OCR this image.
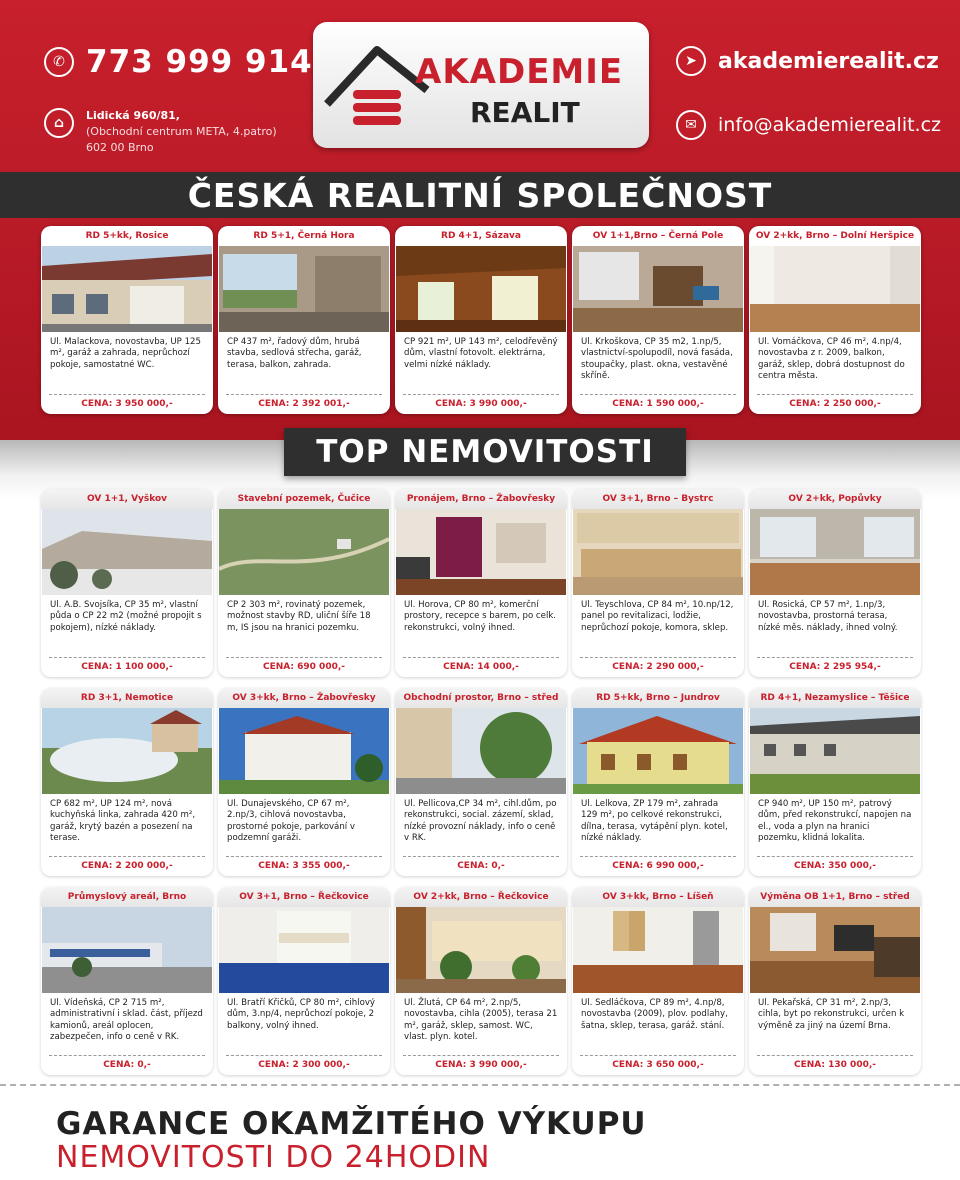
✆ 773 999 914
⌂	Lidická 960/81,
(Obchodní centrum META, 4.patro)
602 00 Brno
AKADEMIE
REALIT
➤ akademierealit.cz
✉	info@akademierealit.cz
ČESKÁ REALITNÍ SPOLEČNOST
RD 5+kk, Rosice
Ul. Malackova, novostavba, UP 125 m², garáž a zahrada, neprůchozí pokoje, samostatné WC.
CENA: 3 950 000,-
RD 5+1, Černá Hora
CP 437 m², řadový dům, hrubá stavba, sedlová střecha, garáž, terasa, balkon, zahrada.
CENA: 2 392 001,-
RD 4+1, Sázava
CP 921 m², UP 143 m², celodřevěný dům, vlastní fotovolt. elektrárna, velmi nízké náklady.
CENA: 3 990 000,-
OV 1+1,Brno – Černá Pole
Ul. Krkoškova, CP 35 m2, 1.np/5, vlastnictví-spolupodíl, nová fasáda, stoupačky, plast. okna, vestavěné skříně.
CENA: 1 590 000,-
OV 2+kk, Brno – Dolní Heršpice
Ul. Vomáčkova, CP 46 m², 4.np/4, novostavba z r. 2009, balkon, garáž, sklep, dobrá dostupnost do centra města.
CENA: 2 250 000,-
OV 1+1, Vyškov
Ul. A.B. Svojsíka, CP 35 m², vlastní půda o CP 22 m2 (možné propojit s pokojem), nízké náklady.
CENA: 1 100 000,-
Stavební pozemek, Čučice
CP 2 303 m², rovinatý pozemek, možnost stavby RD, uliční šíře 18 m, IS jsou na hranici pozemku.
CENA: 690 000,-
Pronájem, Brno – Žabovřesky
Ul. Horova, CP 80 m², komerční prostory, recepce s barem, po celk. rekonstrukci, volný ihned.
CENA: 14 000,-
OV 3+1, Brno – Bystrc
Ul. Teyschlova, CP 84 m², 10.np/12, panel po revitalizaci, lodžie, neprůchozí pokoje, komora, sklep.
CENA: 2 290 000,-
OV 2+kk, Popůvky
Ul. Rosická, CP 57 m², 1.np/3, novostavba, prostorná terasa, nízké měs. náklady, ihned volný.
CENA: 2 295 954,-
RD 3+1, Nemotice
CP 682 m², UP 124 m², nová kuchyňská linka, zahrada 420 m², garáž, krytý bazén a posezení na terase.
CENA: 2 200 000,-
OV 3+kk, Brno – Žabovřesky
Ul. Dunajevského, CP 67 m², 2.np/3, cihlová novostavba, prostorné pokoje, parkování v podzemní garáži.
CENA: 3 355 000,-
Obchodní prostor, Brno – střed
Ul. Pellicova,CP 34 m², cihl.dům, po rekonstrukci, social. zázemí, sklad, nízké provozní náklady, info o ceně v RK.
CENA: 0,-
RD 5+kk, Brno – Jundrov
Ul. Lelkova, ZP 179 m², zahrada 129 m², po celkové rekonstrukci, dílna, terasa, vytápění plyn. kotel, nízké náklady.
CENA: 6 990 000,-
RD 4+1, Nezamyslice – Těšice
CP 940 m², UP 150 m², patrový dům, před rekonstrukcí, napojen na el., voda a plyn na hranici pozemku, klidná lokalita.
CENA: 350 000,-
Průmyslový areál, Brno
Ul. Vídeňská, CP 2 715 m², administrativní i sklad. část, příjezd kamionů, areál oplocen, zabezpečen, info o ceně v RK.
CENA: 0,-
OV 3+1, Brno – Řečkovice
Ul. Bratří Křičků, CP 80 m², cihlový dům, 3.np/4, neprůchozí pokoje, 2 balkony, volný ihned.
CENA: 2 300 000,-
OV 2+kk, Brno – Řečkovice
Ul. Žlutá, CP 64 m², 2.np/5, novostavba, cihla (2005), terasa 21 m², garáž, sklep, samost. WC, vlast. plyn. kotel.
CENA: 3 990 000,-
OV 3+kk, Brno – Líšeň
Ul. Sedláčkova, CP 89 m², 4.np/8, novostavba (2009), plov. podlahy, šatna, sklep, terasa, garáž. stání.
CENA: 3 650 000,-
Výměna OB 1+1, Brno – střed
Ul. Pekařská, CP 31 m², 2.np/3, cihla, byt po rekonstrukci, určen k výměně za jiný na území Brna.
CENA: 130 000,-
TOP NEMOVITOSTI
GARANCE OKAMŽITÉHO VÝKUPU
NEMOVITOSTI DO 24HODIN
